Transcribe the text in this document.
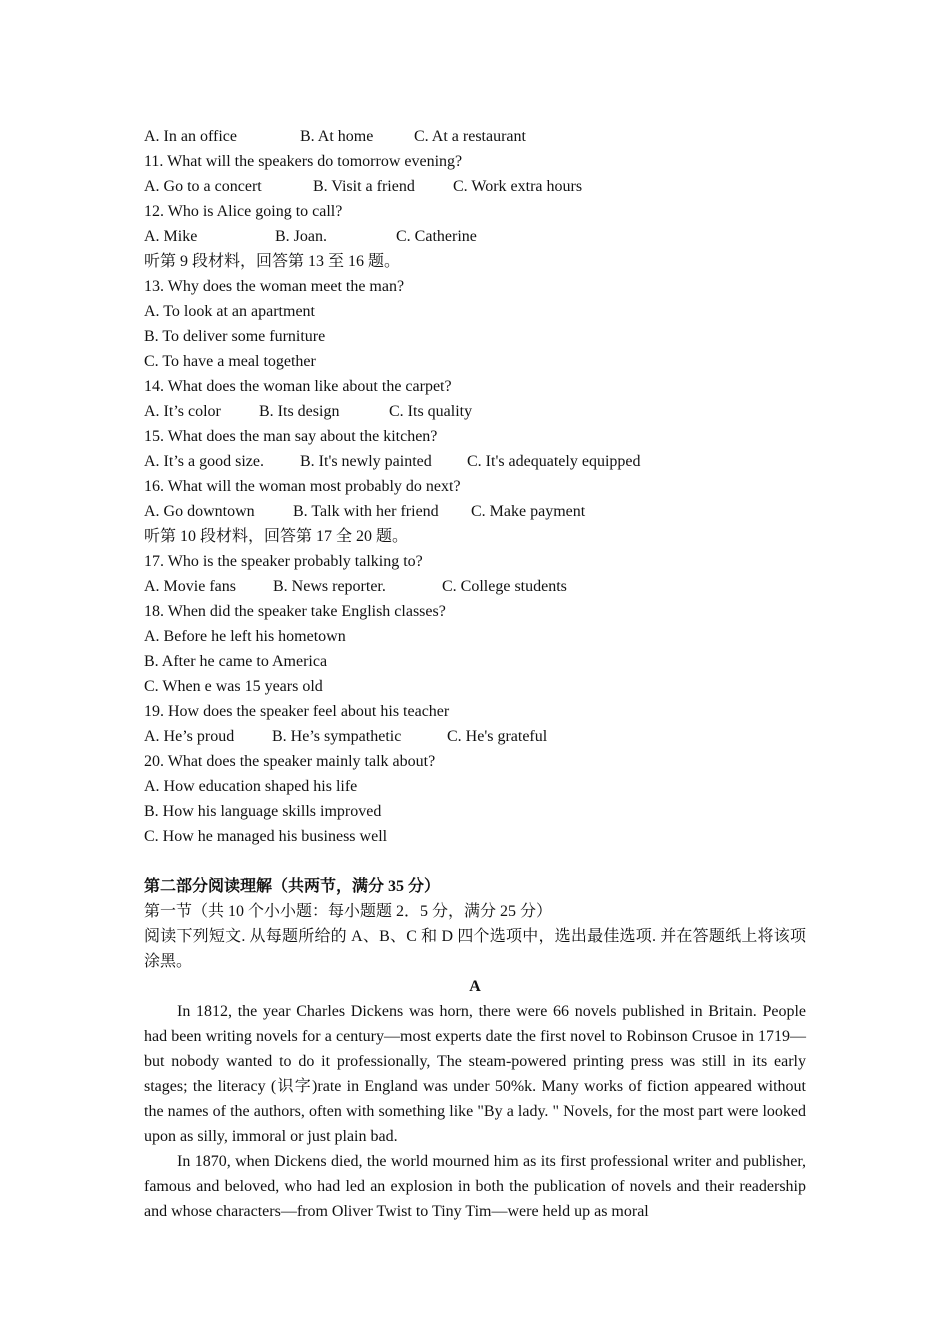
A. In an office	B. At home	C. At a restaurant
11. What will the speakers do tomorrow evening?
A. Go to a concert	B. Visit a friend C. Work extra hours
12. Who is Alice going to call?
A. Mike	B. Joan.	C. Catherine
听第 9 段材料，回答第 13 至 16 题。
13. Why does the woman meet the man?
A. To look at an apartment
B. To deliver some furniture
C. To have a meal together
14. What does the woman like about the carpet?
A. It’s color B. Its design	C. Its quality
15. What does the man say about the kitchen?
A. It’s a good size. B. It's newly painted C. It's adequately equipped
16. What will the woman most probably do next?
A. Go downtown B. Talk with her friend C. Make payment
听第 10 段材料，回答第 17 全 20 题。
17. Who is the speaker probably talking to?
A. Movie fans B. News reporter.	C. College students
18. When did the speaker take English classes?
A. Before he left his hometown
B. After he came to America
C. When e was 15 years old
19. How does the speaker feel about his teacher
A. He’s proud B. He’s sympathetic	C. He's grateful
20. What does the speaker mainly talk about?
A. How education shaped his life
B. How his language skills improved
C. How he managed his business well
第二部分阅读理解（共两节，满分 35 分）
第一节（共 10 个小小题：每小题题 2．5 分，满分 25 分）

阅读下列短文. 从每题所给的 A、B、C 和 D 四个选项中，选出最佳选项. 并在答题纸上将该项涂黑。

A

In 1812, the year Charles Dickens was horn, there were 66 novels published in Britain. People had been writing novels for a century—most experts date the first novel to Robinson Crusoe in 1719—but nobody wanted to do it professionally, The steam-powered printing press was still in its early stages; the literacy (识字)rate in England was under 50%k. Many works of fiction appeared without the names of the authors, often with something like "By a lady. " Novels, for the most part were looked upon as silly, immoral or just plain bad.

In 1870, when Dickens died, the world mourned him as its first professional writer and publisher, famous and beloved, who had led an explosion in both the publication of novels and their readership and whose characters—from Oliver Twist to Tiny Tim—were held up as moral
